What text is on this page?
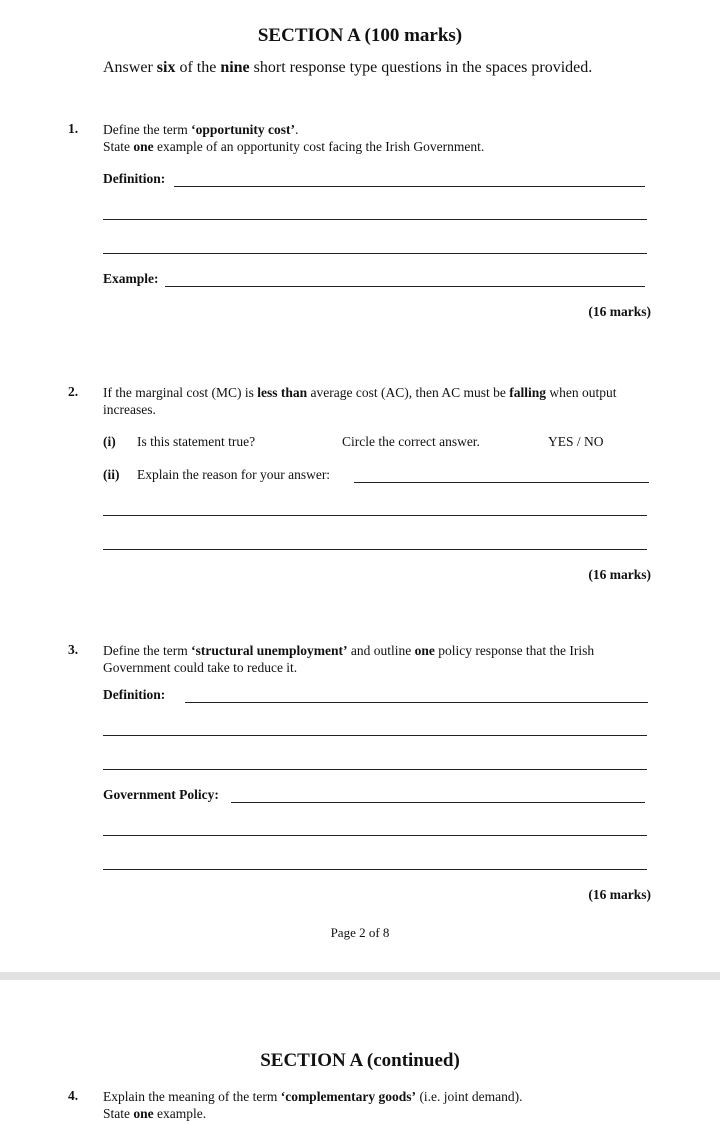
SECTION A (100 marks)
Answer six of the nine short response type questions in the spaces provided.
1. Define the term ‘opportunity cost’.
State one example of an opportunity cost facing the Irish Government.
Definition:
Example:
(16 marks)
2. If the marginal cost (MC) is less than average cost (AC), then AC must be falling when output
increases.
(i) Is this statement true?	Circle the correct answer.	YES / NO
(ii) Explain the reason for your answer:
(16 marks)
3. Define the term ‘structural unemployment’ and outline one policy response that the Irish
Government could take to reduce it.
Definition:
Government Policy:
(16 marks)
Page 2 of 8
SECTION A (continued)
4. Explain the meaning of the term ‘complementary goods’ (i.e. joint demand).
State one example.
